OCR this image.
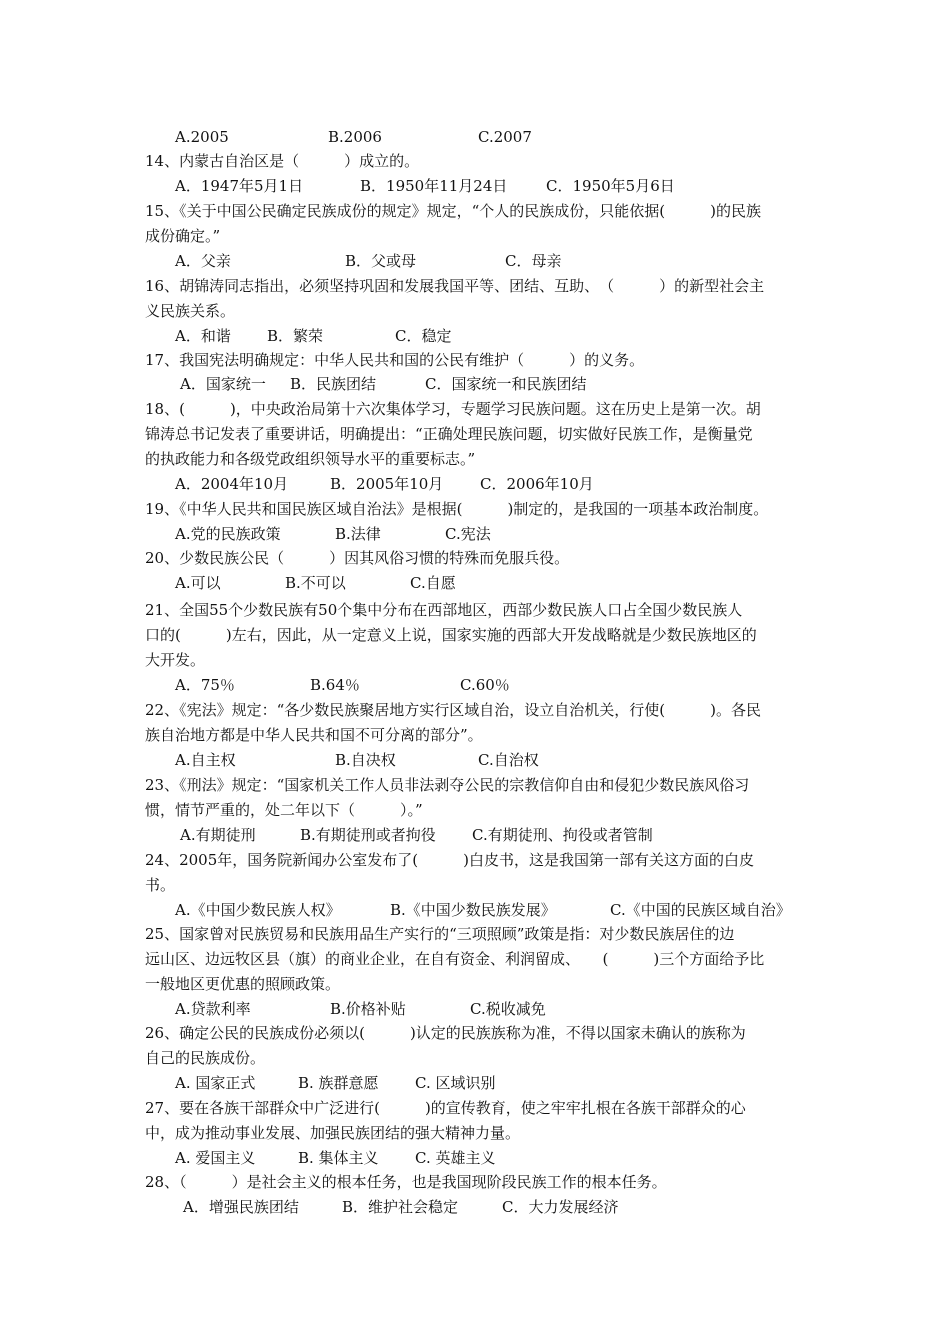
A.2005	B.2006	C.2007
14、内蒙古自治区是（　　　）成立的。
A．1947年5月1日	B．1950年11月24日	C．1950年5月6日
15、《关于中国公民确定民族成份的规定》规定，“个人的民族成份，只能依据(　　　)的民族
成份确定。”
A．父亲	B．父或母	C．母亲
16、胡锦涛同志指出，必须坚持巩固和发展我国平等、团结、互助、　（　　　）的新型社会主
义民族关系。
A．和谐 B．繁荣	C．稳定
17、我国宪法明确规定：中华人民共和国的公民有维护（　　　）的义务。
A．国家统一 B．民族团结	C．国家统一和民族团结
18、(　　　)，中央政治局第十六次集体学习，专题学习民族问题。这在历史上是第一次。胡
锦涛总书记发表了重要讲话，明确提出：“正确处理民族问题，切实做好民族工作，是衡量党
的执政能力和各级党政组织领导水平的重要标志。”
A．2004年10月	B．2005年10月 C．2006年10月
19、《中华人民共和国民族区域自治法》是根据(　　　)制定的，是我国的一项基本政治制度。
A.党的民族政策	B.法律	C.宪法
20、少数民族公民（　　　）因其风俗习惯的特殊而免服兵役。
A.可以	B.不可以	C.自愿
21、全国55个少数民族有50个集中分布在西部地区，西部少数民族人口占全国少数民族人
口的(　　　)左右，因此，从一定意义上说，国家实施的西部大开发战略就是少数民族地区的
大开发。
A．75％	B.64％	C.60％
22、《宪法》规定：“各少数民族聚居地方实行区域自治，设立自治机关，行使(　　　)。各民
族自治地方都是中华人民共和国不可分离的部分”。
A.自主权	B.自决权	C.自治权
23、《刑法》规定：“国家机关工作人员非法剥夺公民的宗教信仰自由和侵犯少数民族风俗习
惯，情节严重的，处二年以下（　　　）。”
A.有期徒刑	B.有期徒刑或者拘役 C.有期徒刑、拘役或者管制
24、2005年，国务院新闻办公室发布了(　　　)白皮书，这是我国第一部有关这方面的白皮
书。
A.《中国少数民族人权》	B.《中国少数民族发展》	C.《中国的民族区域自治》
25、国家曾对民族贸易和民族用品生产实行的“三项照顾”政策是指：对少数民族居住的边
远山区、边远牧区县（旗）的商业企业，在自有资金、利润留成、　　(　　　)三个方面给予比
一般地区更优惠的照顾政策。
A.贷款利率	B.价格补贴	C.税收减免
26、确定公民的民族成份必须以(　　　)认定的民族族称为准，不得以国家未确认的族称为
自己的民族成份。
A. 国家正式	B. 族群意愿 C. 区域识别
27、要在各族干部群众中广泛进行(　　　)的宣传教育，使之牢牢扎根在各族干部群众的心
中，成为推动事业发展、加强民族团结的强大精神力量。
A. 爱国主义	B. 集体主义 C. 英雄主义
28、（　　　）是社会主义的根本任务，也是我国现阶段民族工作的根本任务。
A．增强民族团结	B．维护社会稳定	C．大力发展经济
